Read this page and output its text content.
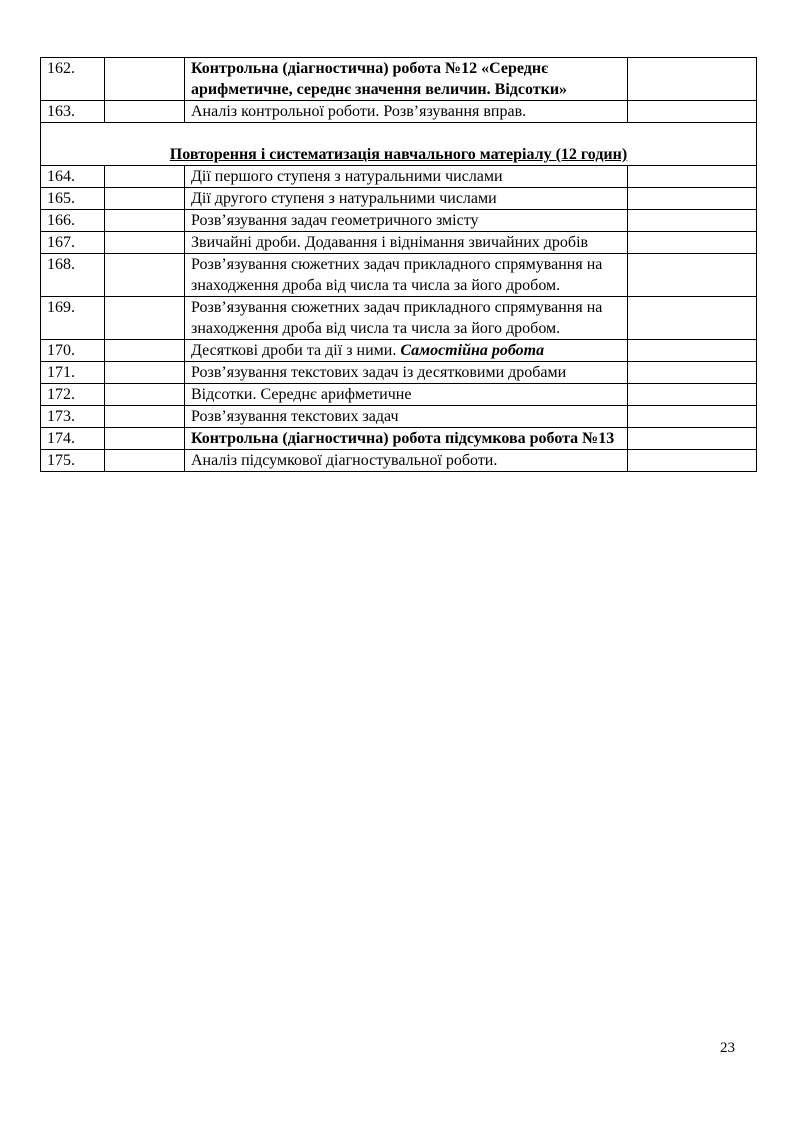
162.		Контрольна (діагностична) робота №12 «Середнє арифметичне, середнє значення величин. Відсотки»	
163.		Аналіз контрольної роботи. Розв’язування вправ.	
Повторення і систематизація навчального матеріалу (12 годин)			
164.		Дії першого ступеня з натуральними числами	
165.		Дії другого ступеня з натуральними числами	
166.		Розв’язування задач геометричного змісту	
167.		Звичайні дроби. Додавання і віднімання звичайних дробів	
168.		Розв’язування сюжетних задач прикладного спрямування на знаходження дроба від числа та числа за його дробом.	
169.		Розв’язування сюжетних задач прикладного спрямування на знаходження дроба від числа та числа за його дробом.	
170.		Десяткові дроби та дії з ними. Самостійна робота	
171.		Розв’язування текстових задач із десятковими дробами	
172.		Відсотки. Середнє арифметичне	
173.		Розв’язування текстових задач	
174.		Контрольна (діагностична) робота підсумкова робота №13	
175.		Аналіз підсумкової діагностувальної роботи.	
23
